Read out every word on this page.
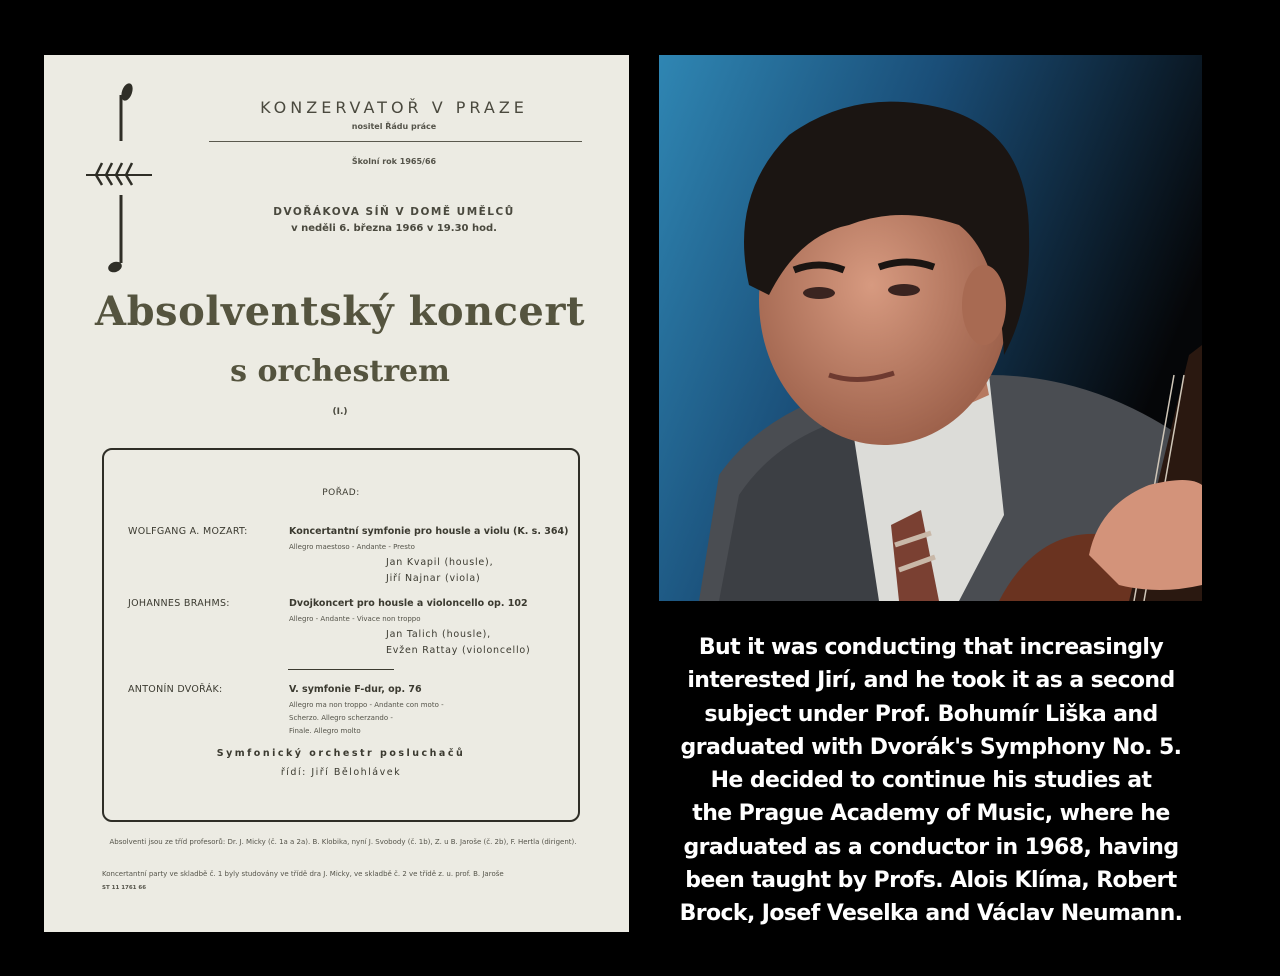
KONZERVATOŘ V PRAZE
nositel Řádu práce
Školní rok 1965/66
DVOŘÁKOVA SÍŇ V DOMĚ UMĚLCŮ
v neděli 6. března 1966 v 19.30 hod.
Absolventský koncert
s orchestrem
(I.)
POŘAD:
WOLFGANG A. MOZART:	Koncertantní symfonie pro housle a violu (K. s. 364)
Allegro maestoso - Andante - Presto
Jan Kvapil (housle),
Jiří Najnar (viola)
JOHANNES BRAHMS:	Dvojkoncert pro housle a violoncello op. 102
Allegro - Andante - Vivace non troppo
Jan Talich (housle),
Evžen Rattay (violoncello)
ANTONÍN DVOŘÁK:	V. symfonie F-dur, op. 76
Allegro ma non troppo - Andante con moto -
Scherzo. Allegro scherzando -
Finale. Allegro molto
Symfonický orchestr posluchačů
řídí: Jiří Bělohlávek
Absolventi jsou ze tříd profesorů: Dr. J. Micky (č. 1a a 2a). B. Klobika, nyní J. Svobody (č. 1b), Z. u B. Jaroše (č. 2b), F. Hertla (dirigent).
Koncertantní party ve skladbě č. 1 byly studovány ve třídě dra J. Micky, ve skladbě č. 2 ve třídě z. u. prof. B. Jaroše
ST 11 1761 66
But it was conducting that increasingly
interested Jirí, and he took it as a second
subject under Prof. Bohumír Liška and
graduated with Dvorák's Symphony No. 5.
He decided to continue his studies at
the Prague Academy of Music, where he
graduated as a conductor in 1968, having
been taught by Profs. Alois Klíma, Robert
Brock, Josef Veselka and Václav Neumann.
